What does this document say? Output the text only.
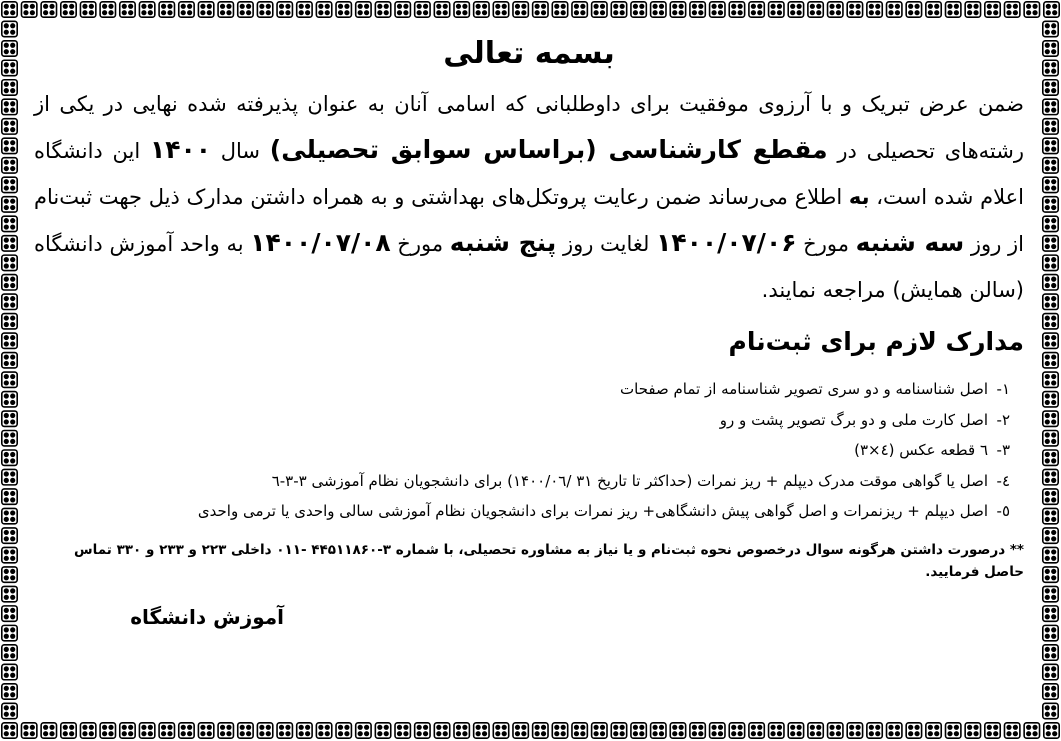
بسمه تعالی

ضمن عرض تبریک و با آرزوی موفقیت برای داوطلبانی که اسامی آنان به عنوان پذیرفته شده نهایی در یکی از رشته‌های تحصیلی در مقطع کارشناسی (براساس سوابق تحصیلی) سال ۱۴۰۰ این دانشگاه اعلام شده است، به اطلاع می‌رساند ضمن رعایت پروتکل‌های بهداشتی و به همراه داشتن مدارک ذیل جهت ثبت‌نام از روز سه شنبه مورخ ۱۴۰۰/۰۷/۰۶ لغایت روز پنج شنبه مورخ ۱۴۰۰/۰۷/۰۸ به واحد آموزش دانشگاه (سالن همایش) مراجعه نمایند.

مدارک لازم برای ثبت‌نام
۱-اصل شناسنامه و دو سری تصویر شناسنامه از تمام صفحات
۲-اصل کارت ملی و دو برگ تصویر پشت و رو
۳-٦ قطعه عکس (٤×۳)
٤-اصل یا گواهی موقت مدرک دیپلم + ریز نمرات (حداکثر تا تاریخ ۳۱ /۱۴۰۰/۰٦) برای دانشجویان نظام آموزشی ۳-۳-٦
٥-اصل دیپلم + ریزنمرات و اصل گواهی پیش دانشگاهی+ ریز نمرات برای دانشجویان نظام آموزشی سالی واحدی یا ترمی واحدی
** درصورت داشتن هرگونه سوال درخصوص نحوه ثبت‌نام و یا نیاز به مشاوره تحصیلی، با شماره ۳-۴۴۵۱۱۸۶۰ -۰۱۱ داخلی ۲۲۳ و ۲۳۳ و ۳۳۰ تماس حاصل فرمایید.
آموزش دانشگاه
